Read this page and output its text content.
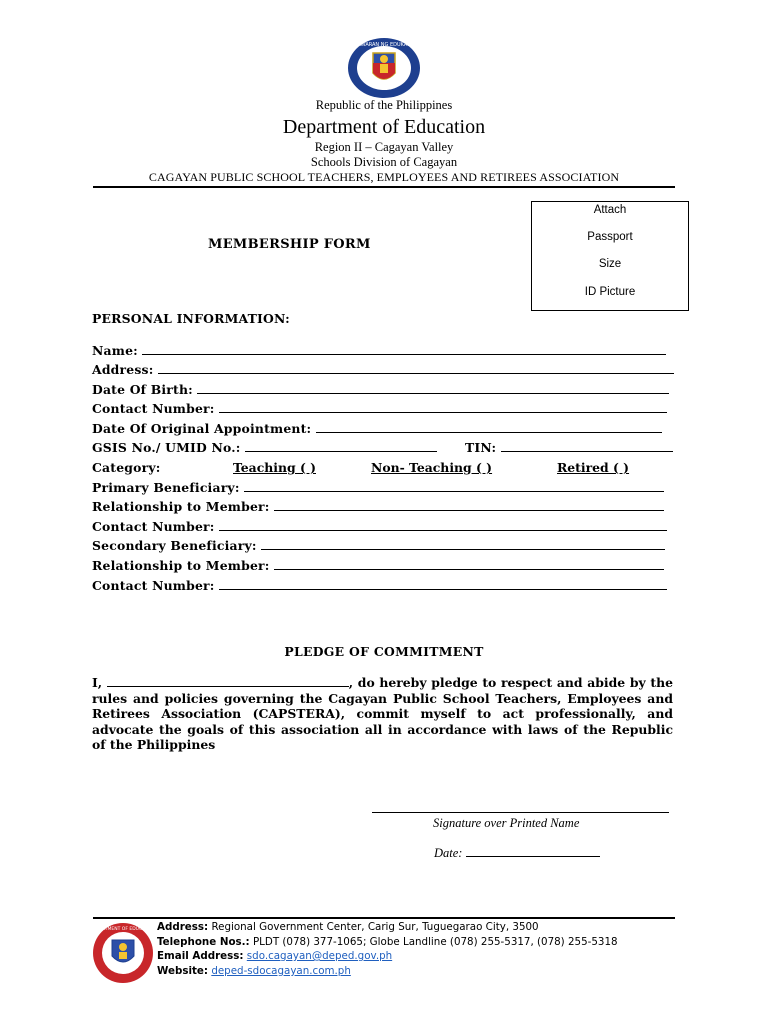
KAGAWARAN NG EDUKASYON
Republic of the Philippines
Department of Education
Region II – Cagayan Valley
Schools Division of Cagayan
CAGAYAN PUBLIC SCHOOL TEACHERS, EMPLOYEES AND RETIREES ASSOCIATION
Attach
Passport
Size
ID Picture
MEMBERSHIP FORM
PERSONAL INFORMATION:
Name:
Address:
Date Of Birth:
Contact Number:
Date Of Original Appointment:
GSIS No./ UMID No.:	TIN:
Category:	Teaching ( )	Non- Teaching ( )	Retired ( )
Primary Beneficiary:
Relationship to Member:
Contact Number:
Secondary Beneficiary:
Relationship to Member:
Contact Number:
PLEDGE OF COMMITMENT
I,	, do hereby pledge to respect and abide by the rules and policies governing the Cagayan Public School Teachers, Employees and Retirees Association (CAPSTERA), commit myself to act professionally, and advocate the goals of this association all in accordance with laws of the Republic of the Philippines
Signature over Printed Name
Date:
DEPARTMENT OF EDUCATION Address: Regional Government Center, Carig Sur, Tuguegarao City, 3500
Telephone Nos.: PLDT (078) 377-1065; Globe Landline (078) 255-5317, (078) 255-5318
Email Address: sdo.cagayan@deped.gov.ph
Website: deped-sdocagayan.com.ph
